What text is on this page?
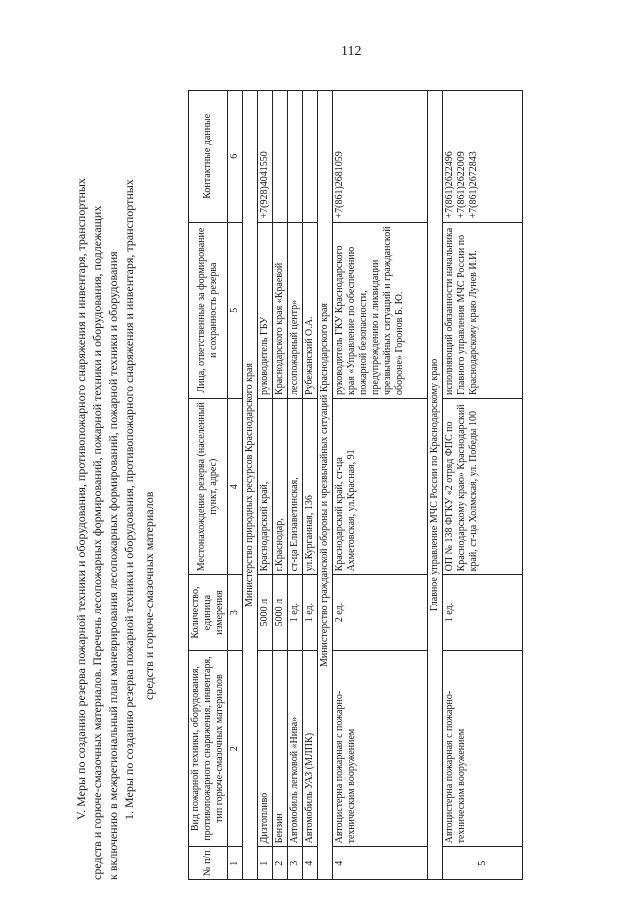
112
V. Меры по созданию резерва пожарной техники и оборудования, противопожарного снаряжения и инвентаря, транспортных средств и горюче-смазочных материалов. Перечень лесопожарных формирований, пожарной техники и оборудования, подлежащих к включению в межрегиональный план маневрирования лесопожарных формирований, пожарной техники и оборудования 1. Меры по созданию резерва пожарной техники и оборудования, противопожарного снаряжения и инвентаря, транспортных средств и горюче-смазочных материалов
№ п/п	Вид пожарной техники, оборудования, противопожарного снаряжения, инвентаря, тип горюче-смазочных материалов	Количество, единица измерения	Местонахождение резерва (населенный пункт, адрес)	Лица, ответственные за формирование и сохранность резерва	Контактные данные
1	2	3	4	5	6
Министерство природных ресурсов Краснодарского края					
1	Дизтопливо	5000 л	Краснодарский край,	руководитель ГБУ	+7(928)4041550
2	Бензин	5000 л	г.Краснодар,	Краснодарского края «Краевой	
3	Автомобиль легковой «Нива»	1 ед.	ст-ца Елизаветинская,	лесопожарный центр»	
4	Автомобиль УАЗ (МЛПК)	1 ед.	ул.Курганная, 136	Рубежанский О.А.	
Министерство гражданской обороны и чрезвычайных ситуаций Краснодарского края					
4	Автоцистерна пожарная с пожарно-техническим вооружением	2 ед.	Краснодарский край, ст-ца Ахметовская, ул.Красная, 91	руководитель ГКУ Краснодарского края «Управление по обеспечению пожарной безопасности, предупреждению и ликвидации чрезвычайных ситуаций и гражданской обороне» Горонов Б. Ю.	+7(861)2681059
Главное управление МЧС России по Краснодарскому краю					
5	Автоцистерна пожарная с пожарно-техническим вооружением	1 ед.	ОП № 138 ФГКУ «2 отряд ФПС по Краснодарскому краю» Краснодарский край, ст-ца Холмская, ул. Победы 100	исполняющий обязанности начальника Главного управления МЧС России по Краснодарскому краю Лунев И.И.	+7(861)2622496 +7(861)2622009 +7(861)2672843
